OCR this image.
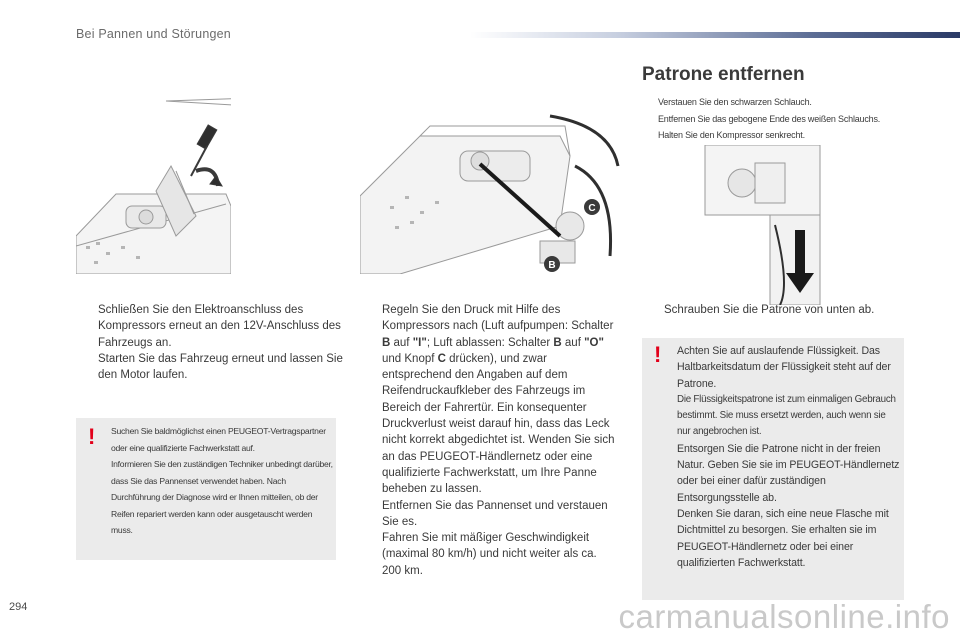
Bei Pannen und Störungen
C
B
Patrone entfernen
Verstauen Sie den schwarzen Schlauch.
Entfernen Sie das gebogene Ende des weißen Schlauchs.
Halten Sie den Kompressor senkrecht.
Schließen Sie den Elektroanschluss des Kompressors erneut an den 12V-Anschluss des Fahrzeugs an.
Starten Sie das Fahrzeug erneut und lassen Sie den Motor laufen.
! Suchen Sie baldmöglichst einen PEUGEOT-Vertragspartner oder eine qualifizierte Fachwerkstatt auf.

Informieren Sie den zuständigen Techniker unbedingt darüber, dass Sie das Pannenset verwendet haben. Nach Durchführung der Diagnose wird er Ihnen mitteilen, ob der Reifen repariert werden kann oder ausgetauscht werden muss.

Regeln Sie den Druck mit Hilfe des Kompressors nach (Luft aufpumpen: Schalter B auf "I"; Luft ablassen: Schalter B auf "O" und Knopf C drücken), und zwar entsprechend den Angaben auf dem Reifendruckaufkleber des Fahrzeugs im Bereich der Fahrertür. Ein konsequenter Druckverlust weist darauf hin, dass das Leck nicht korrekt abgedichtet ist. Wenden Sie sich an das PEUGEOT-Händlernetz oder eine qualifizierte Fachwerkstatt, um Ihre Panne beheben zu lassen.
Entfernen Sie das Pannenset und verstauen Sie es.
Fahren Sie mit mäßiger Geschwindigkeit (maximal 80 km/h) und nicht weiter als ca. 200 km.
Schrauben Sie die Patrone von unten ab.
! Achten Sie auf auslaufende Flüssigkeit. Das Haltbarkeitsdatum der Flüssigkeit steht auf der Patrone.

Die Flüssigkeitspatrone ist zum einmaligen Gebrauch bestimmt. Sie muss ersetzt werden, auch wenn sie nur angebrochen ist.

Entsorgen Sie die Patrone nicht in der freien Natur. Geben Sie sie im PEUGEOT-Händlernetz oder bei einer dafür zuständigen Entsorgungsstelle ab.

Denken Sie daran, sich eine neue Flasche mit Dichtmittel zu besorgen. Sie erhalten sie im PEUGEOT-Händlernetz oder bei einer qualifizierten Fachwerkstatt.

294	carmanualsonline.info
